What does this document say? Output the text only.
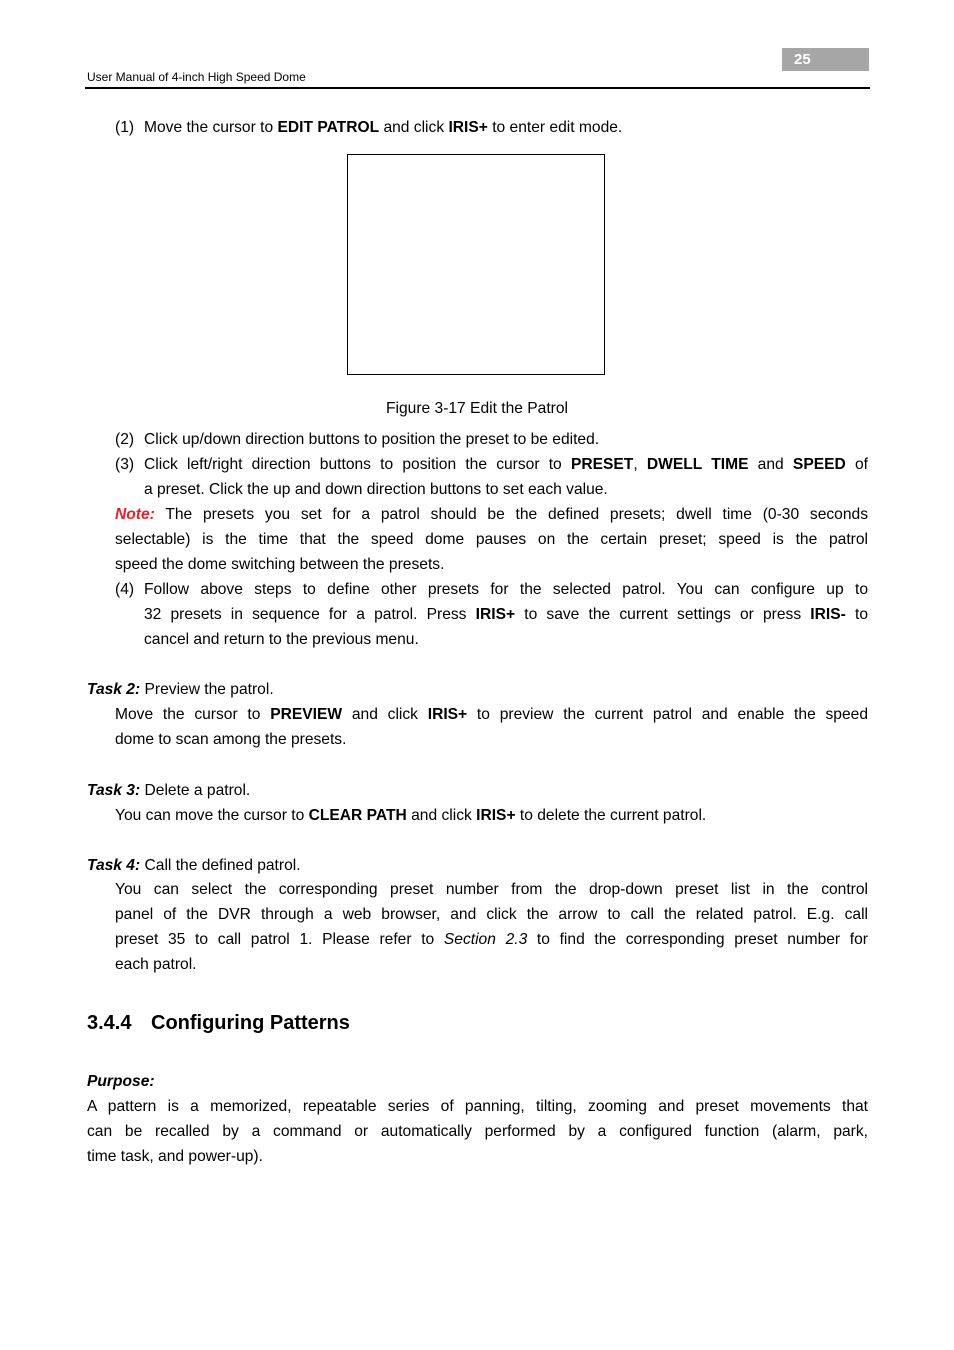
25
User Manual of 4-inch High Speed Dome
(1) Move the cursor to EDIT PATROL and click IRIS+ to enter edit mode.
Figure 3-17 Edit the Patrol
(2) Click up/down direction buttons to position the preset to be edited.
(3) Click left/right direction buttons to position the cursor to PRESET, DWELL TIME and SPEED of
a preset. Click the up and down direction buttons to set each value.
Note: The presets you set for a patrol should be the defined presets; dwell time (0-30 seconds
selectable) is the time that the speed dome pauses on the certain preset; speed is the patrol
speed the dome switching between the presets.
(4) Follow above steps to define other presets for the selected patrol. You can configure up to
32 presets in sequence for a patrol. Press IRIS+ to save the current settings or press IRIS- to
cancel and return to the previous menu.
Task 2: Preview the patrol.
Move the cursor to PREVIEW and click IRIS+ to preview the current patrol and enable the speed
dome to scan among the presets.
Task 3: Delete a patrol.
You can move the cursor to CLEAR PATH and click IRIS+ to delete the current patrol.
Task 4: Call the defined patrol.
You can select the corresponding preset number from the drop-down preset list in the control
panel of the DVR through a web browser, and click the arrow to call the related patrol. E.g. call
preset 35 to call patrol 1. Please refer to Section 2.3 to find the corresponding preset number for
each patrol.
3.4.4 Configuring Patterns
Purpose:
A pattern is a memorized, repeatable series of panning, tilting, zooming and preset movements that
can be recalled by a command or automatically performed by a configured function (alarm, park,
time task, and power-up).
